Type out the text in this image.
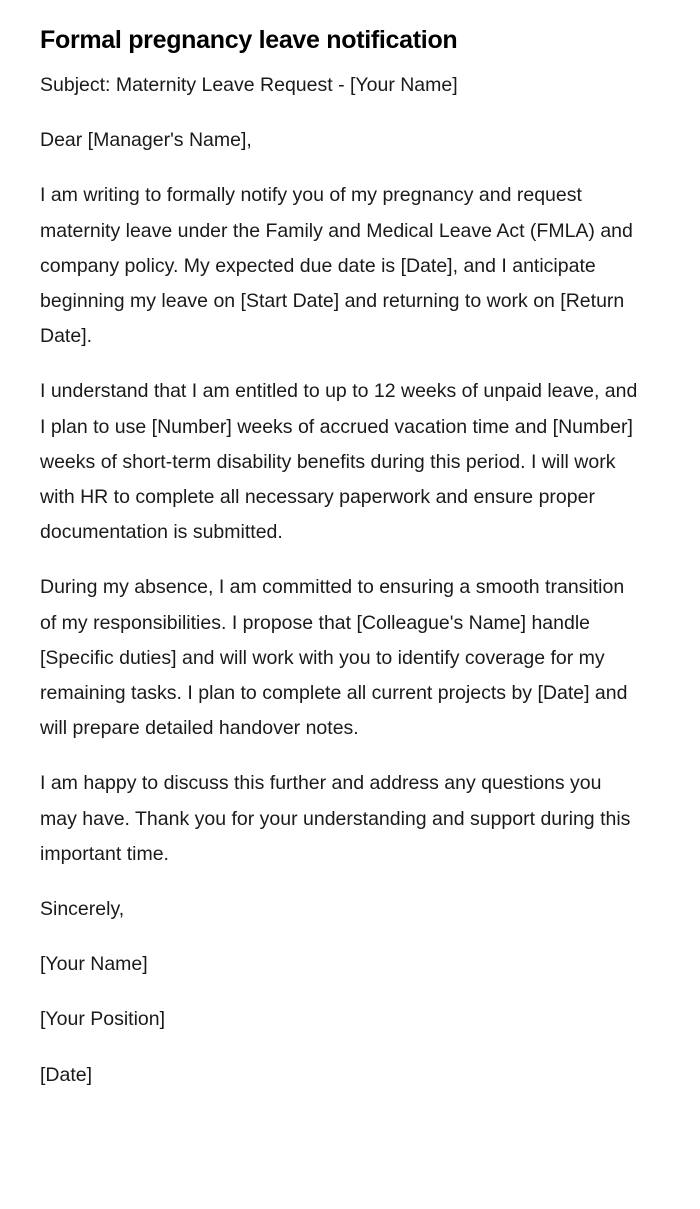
Formal pregnancy leave notification

Subject: Maternity Leave Request - [Your Name]

Dear [Manager's Name],

I am writing to formally notify you of my pregnancy and request maternity leave under the Family and Medical Leave Act (FMLA) and company policy. My expected due date is [Date], and I anticipate beginning my leave on [Start Date] and returning to work on [Return Date].

I understand that I am entitled to up to 12 weeks of unpaid leave, and I plan to use [Number] weeks of accrued vacation time and [Number] weeks of short-term disability benefits during this period. I will work with HR to complete all necessary paperwork and ensure proper documentation is submitted.

During my absence, I am committed to ensuring a smooth transition of my responsibilities. I propose that [Colleague's Name] handle [Specific duties] and will work with you to identify coverage for my remaining tasks. I plan to complete all current projects by [Date] and will prepare detailed handover notes.

I am happy to discuss this further and address any questions you may have. Thank you for your understanding and support during this important time.

Sincerely,

[Your Name]

[Your Position]

[Date]
